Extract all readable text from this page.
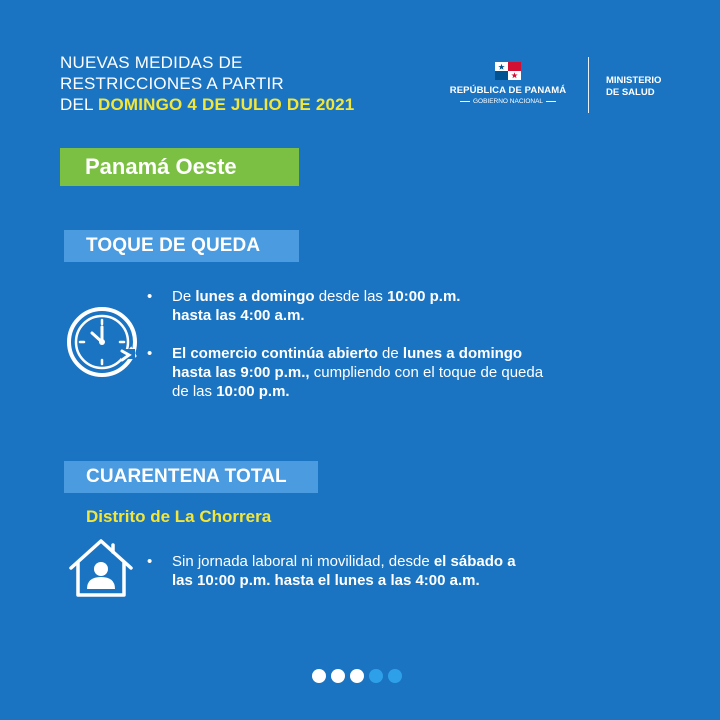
NUEVAS MEDIDAS DE
RESTRICCIONES A PARTIR
DEL DOMINGO 4 DE JULIO DE 2021
REPÚBLICA DE PANAMÁ
GOBIERNO NACIONAL
MINISTERIO
DE SALUD
Panamá Oeste
TOQUE DE QUEDA
• De lunes a domingo desde las 10:00 p.m.
hasta las 4:00 a.m.
• El comercio continúa abierto de lunes a domingo
hasta las 9:00 p.m., cumpliendo con el toque de queda
de las 10:00 p.m.
CUARENTENA TOTAL
Distrito de La Chorrera
• Sin jornada laboral ni movilidad, desde el sábado a
las 10:00 p.m. hasta el lunes a las 4:00 a.m.
